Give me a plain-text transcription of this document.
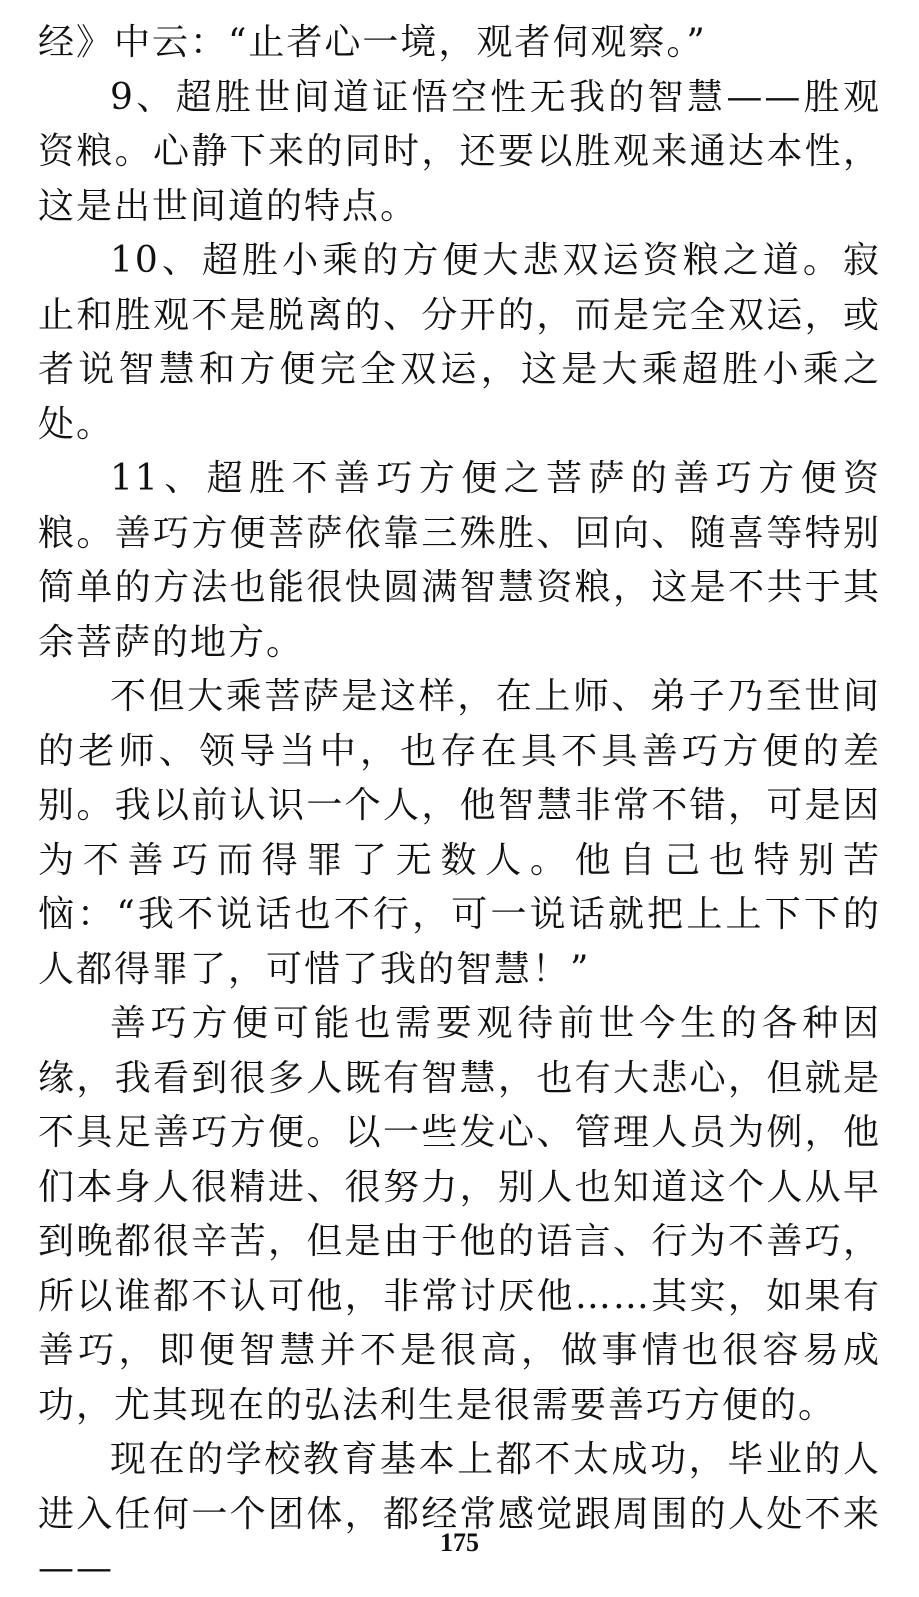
经》中云：“止者心一境，观者伺观察。”

9、超胜世间道证悟空性无我的智慧——胜观资粮。心静下来的同时，还要以胜观来通达本性，这是出世间道的特点。

10、超胜小乘的方便大悲双运资粮之道。寂止和胜观不是脱离的、分开的，而是完全双运，或者说智慧和方便完全双运，这是大乘超胜小乘之处。

11、超胜不善巧方便之菩萨的善巧方便资粮。善巧方便菩萨依靠三殊胜、回向、随喜等特别简单的方法也能很快圆满智慧资粮，这是不共于其余菩萨的地方。

不但大乘菩萨是这样，在上师、弟子乃至世间的老师、领导当中，也存在具不具善巧方便的差别。我以前认识一个人，他智慧非常不错，可是因为不善巧而得罪了无数人。他自己也特别苦恼：“我不说话也不行，可一说话就把上上下下的人都得罪了，可惜了我的智慧！”

善巧方便可能也需要观待前世今生的各种因缘，我看到很多人既有智慧，也有大悲心，但就是不具足善巧方便。以一些发心、管理人员为例，他们本身人很精进、很努力，别人也知道这个人从早到晚都很辛苦，但是由于他的语言、行为不善巧，所以谁都不认可他，非常讨厌他……其实，如果有善巧，即便智慧并不是很高，做事情也很容易成功，尤其现在的弘法利生是很需要善巧方便的。

现在的学校教育基本上都不太成功，毕业的人进入任何一个团体，都经常感觉跟周围的人处不来——

175
